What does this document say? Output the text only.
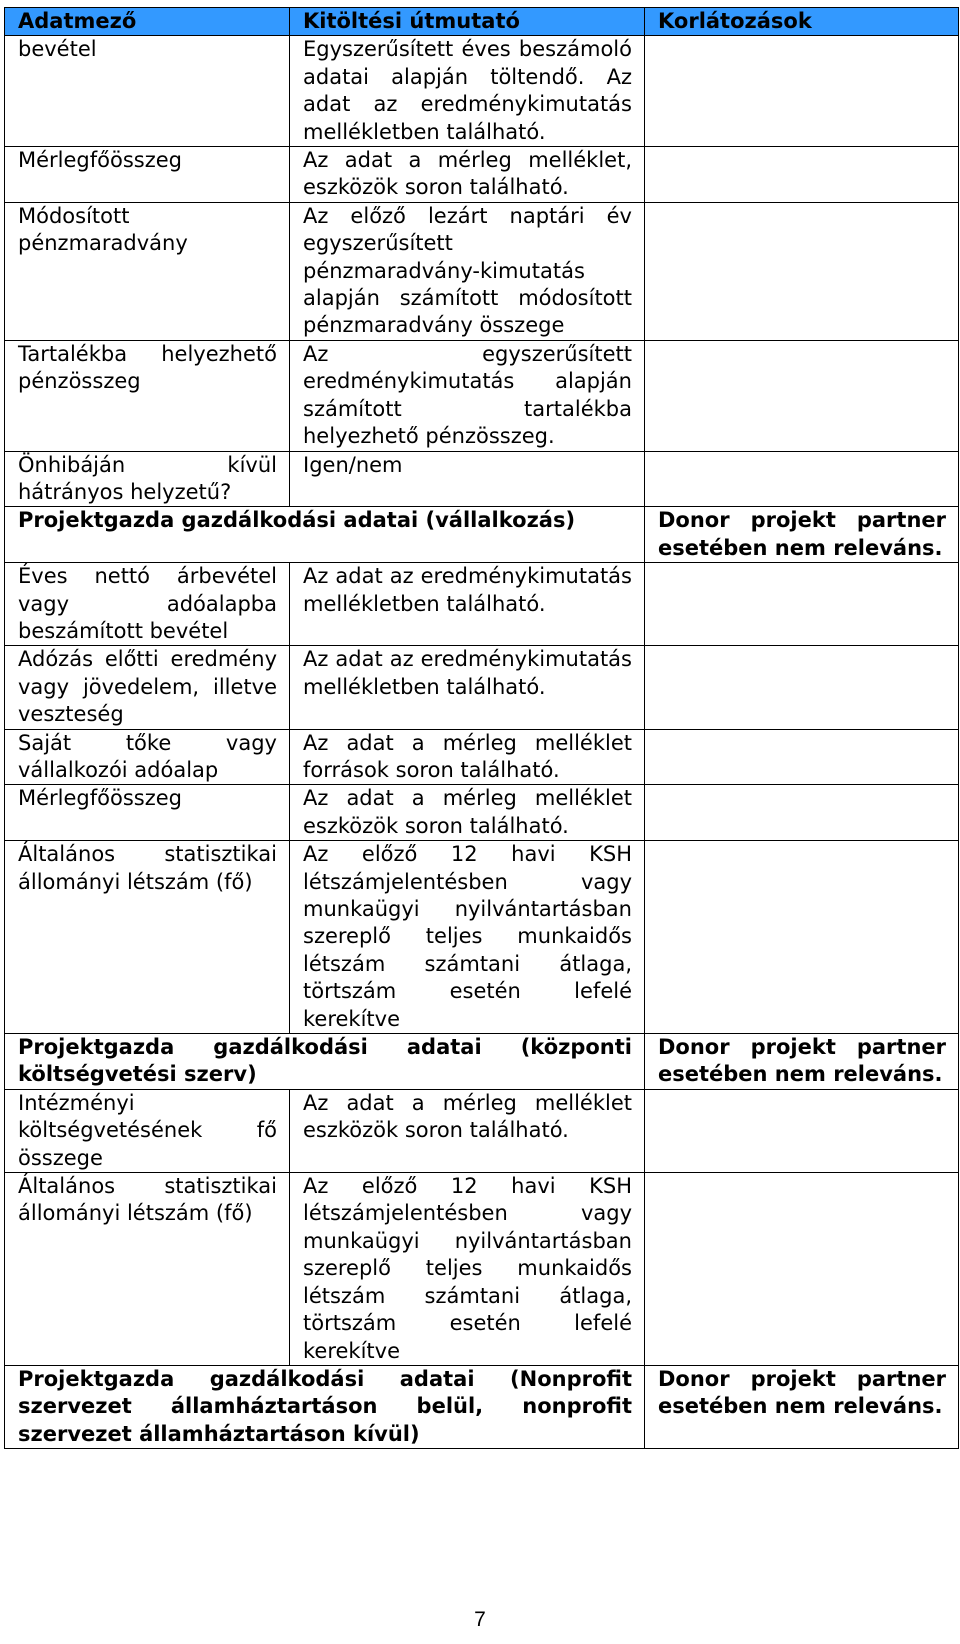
Adatmező	Kitöltési útmutató	Korlátozások
bevétel	Egyszerűsített éves beszámoló adatai alapján töltendő. Az adat az eredménykimutatás mellékletben található.	
Mérlegfőösszeg	Az adat a mérleg melléklet, eszközök soron található.	
Módosított pénzmaradvány	Az előző lezárt naptári év egyszerűsített pénzmaradvány-kimutatás alapján számított módosított pénzmaradvány összege	
Tartalékba helyezhető pénzösszeg	Az egyszerűsített eredménykimutatás alapján számított tartalékba helyezhető pénzösszeg.	
Önhibáján kívül hátrányos helyzetű?	Igen/nem	
Projektgazda gazdálkodási adatai (vállalkozás)		Donor projekt partner esetében nem releváns.
Éves nettó árbevétel vagy adóalapba beszámított bevétel	Az adat az eredménykimutatás mellékletben található.	
Adózás előtti eredmény vagy jövedelem, illetve veszteség	Az adat az eredménykimutatás mellékletben található.	
Saját tőke vagy vállalkozói adóalap	Az adat a mérleg melléklet források soron található.	
Mérlegfőösszeg	Az adat a mérleg melléklet eszközök soron található.	
Általános statisztikai állományi létszám (fő)	Az előző 12 havi KSH létszámjelentésben vagy munkaügyi nyilvántartásban szereplő teljes munkaidős létszám számtani átlaga, törtszám esetén lefelé kerekítve	
Projektgazda gazdálkodási adatai (központi költségvetési szerv)		Donor projekt partner esetében nem releváns.
Intézményi költségvetésének fő összege	Az adat a mérleg melléklet eszközök soron található.	
Általános statisztikai állományi létszám (fő)	Az előző 12 havi KSH létszámjelentésben vagy munkaügyi nyilvántartásban szereplő teljes munkaidős létszám számtani átlaga, törtszám esetén lefelé kerekítve	
Projektgazda gazdálkodási adatai (Nonprofit szervezet államháztartáson belül, nonprofit szervezet államháztartáson kívül)		Donor projekt partner esetében nem releváns.
7
